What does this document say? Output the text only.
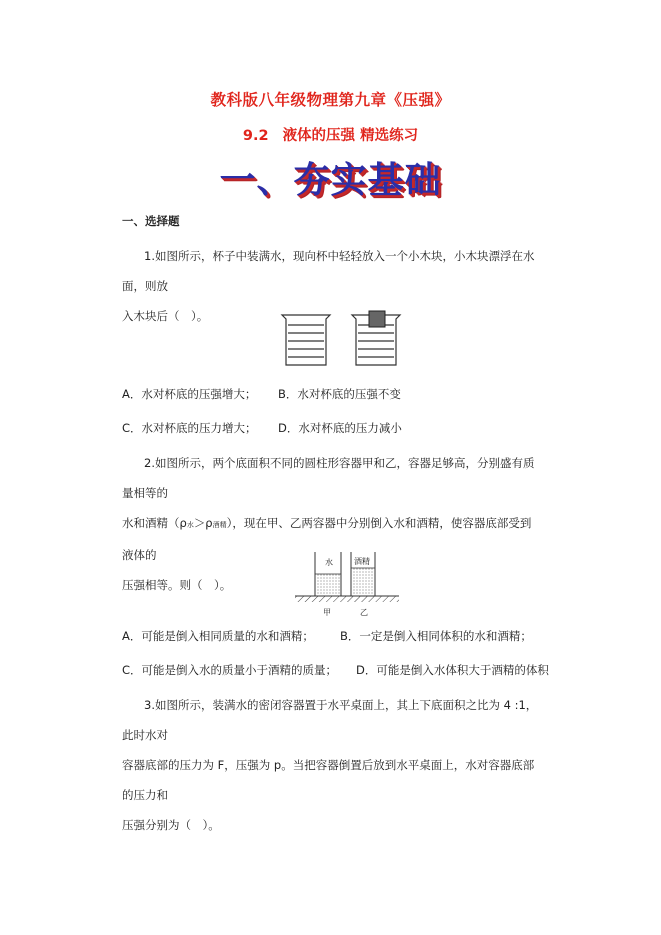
教科版八年级物理第九章《压强》
9.2 液体的压强 精选练习
一、夯实基础
一、选择题
1.如图所示，杯子中装满水，现向杯中轻轻放入一个小木块，小木块漂浮在水面，则放
入木块后（　）。
A．水对杯底的压强增大； B．水对杯底的压强不变
C．水对杯底的压力增大； D．水对杯底的压力减小
2.如图所示，两个底面积不同的圆柱形容器甲和乙，容器足够高，分别盛有质量相等的
水和酒精（ρ水＞ρ酒精），现在甲、乙两容器中分别倒入水和酒精，使容器底部受到液体的
压强相等。则（　）。
水	酒精
甲	乙
A．可能是倒入相同质量的水和酒精； B．一定是倒入相同体积的水和酒精；
C．可能是倒入水的质量小于酒精的质量； D．可能是倒入水体积大于酒精的体积
3.如图所示，装满水的密闭容器置于水平桌面上，其上下底面积之比为 4 :1，此时水对
容器底部的压力为 F，压强为 p。当把容器倒置后放到水平桌面上，水对容器底部的压力和
压强分别为（　）。
